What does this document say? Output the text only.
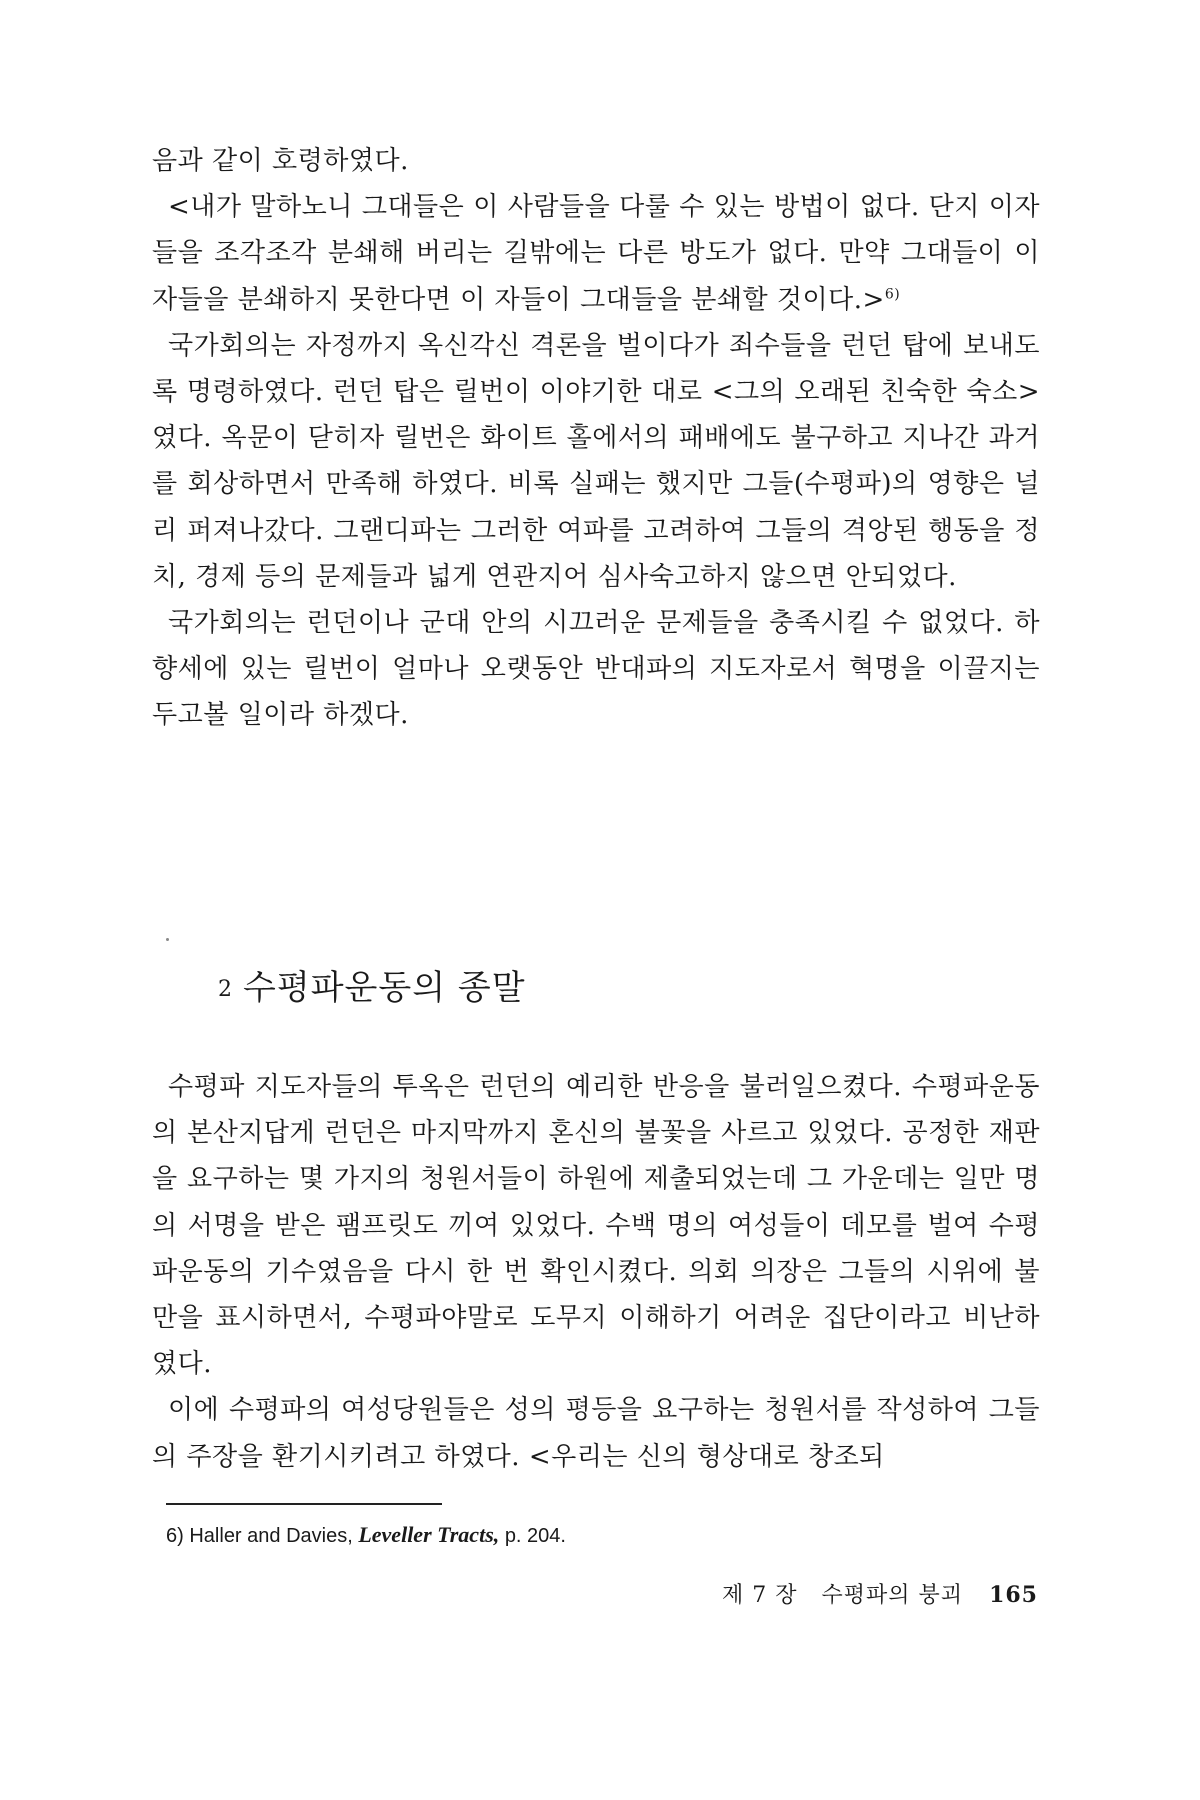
음과 같이 호령하였다.

<내가 말하노니 그대들은 이 사람들을 다룰 수 있는 방법이 없다. 단지 이자들을 조각조각 분쇄해 버리는 길밖에는 다른 방도가 없다. 만약 그대들이 이 자들을 분쇄하지 못한다면 이 자들이 그대들을 분쇄할 것이다.>$^{6)}$

국가회의는 자정까지 옥신각신 격론을 벌이다가 죄수들을 런던 탑에 보내도록 명령하였다. 런던 탑은 릴번이 이야기한 대로 <그의 오래된 친숙한 숙소>였다. 옥문이 닫히자 릴번은 화이트 홀에서의 패배에도 불구하고 지나간 과거를 회상하면서 만족해 하였다. 비록 실패는 했지만 그들(수평파)의 영향은 널리 퍼져나갔다. 그랜디파는 그러한 여파를 고려하여 그들의 격앙된 행동을 정치, 경제 등의 문제들과 넓게 연관지어 심사숙고하지 않으면 안되었다.

국가회의는 런던이나 군대 안의 시끄러운 문제들을 충족시킬 수 없었다. 하향세에 있는 릴번이 얼마나 오랫동안 반대파의 지도자로서 혁명을 이끌지는 두고볼 일이라 하겠다.

2 수평파운동의 종말

수평파 지도자들의 투옥은 런던의 예리한 반응을 불러일으켰다. 수평파운동의 본산지답게 런던은 마지막까지 혼신의 불꽃을 사르고 있었다. 공정한 재판을 요구하는 몇 가지의 청원서들이 하원에 제출되었는데 그 가운데는 일만 명의 서명을 받은 팸프릿도 끼여 있었다. 수백 명의 여성들이 데모를 벌여 수평파운동의 기수였음을 다시 한 번 확인시켰다. 의회 의장은 그들의 시위에 불만을 표시하면서, 수평파야말로 도무지 이해하기 어려운 집단이라고 비난하였다.

이에 수평파의 여성당원들은 성의 평등을 요구하는 청원서를 작성하여 그들의 주장을 환기시키려고 하였다. <우리는 신의 형상대로 창조되

6) Haller and Davies, Leveller Tracts, p. 204.
제 7 장 수평파의 붕괴 165
